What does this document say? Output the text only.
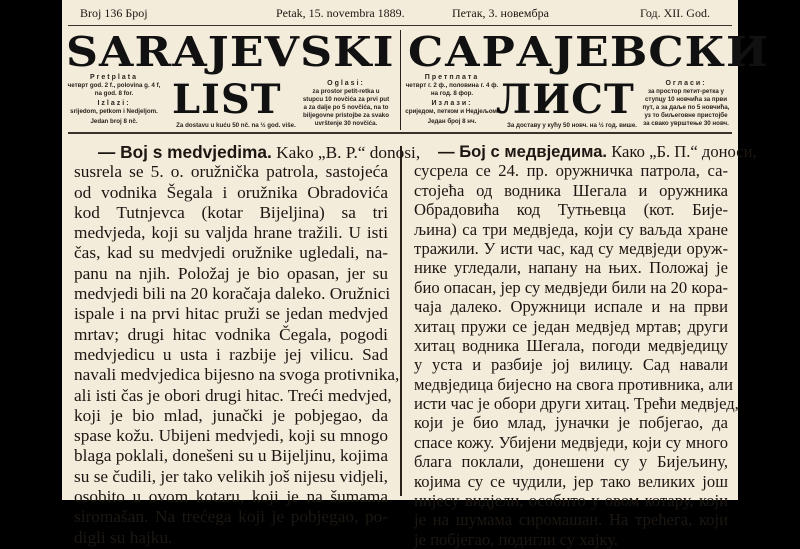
Broj 136 Број	Petak, 15. novembra 1889.	Петак, 3. новембра	Год. XII. God.
SARAJEVSKI САРАЈЕВСКИ
LIST	ЛИСТ
Pretplata
четврт god. 2 f., polovina g. 4 f,
na god. 8 for.
Izlazi:
srijedom, petkom i Nedjeljom.
Jedan broj 8 nč.
Za dostavu u kuću 50 nč. na ½ god. više.
Oglasi:
za prostor petit-retka u
stupcu 10 novčića za prvi put
a za dalje po 5 novčića, na to
biljegovne pristojbe za svako
uvrštenje 30 novčića.
Претплата
четврт г. 2 ф., половина г. 4 ф.
на год. 8 фор.
Излази:
сриједом, петком и Недјељом.
Један број 8 нч.
За доставу у кућу 50 новч. на ½ год. више.
Огласи:
за простор петит-ретка у
ступцу 10 новчића за први
пут, а за даље по 5 новчића,
уз то биљеговне пристојбе
за свако уврштење 30 новч.
— Boj s medvjedima. Kako „B. P.“ donosi,
susrela se 5. o. oružnička patrola, sastojeća
od vodnika Šegala i oružnika Obradovića
kod Tutnjevca (kotar Bijeljina) sa tri
medvjeda, koji su valjda hrane tražili. U isti
čas, kad su medvjedi oružnike ugledali, na-
panu na njih. Položaj je bio opasan, jer su
medvjedi bili na 20 koračaja daleko. Oružnici
ispale i na prvi hitac pruži se jedan medvjed
mrtav; drugi hitac vodnika Čegala, pogodi
medvjedicu u usta i razbije jej vilicu. Sad
navali medvjedica bijesno na svoga protivnika,
ali isti čas je obori drugi hitac. Treći medvjed,
koji je bio mlad, junački je pobjegao, da
spase kožu. Ubijeni medvjedi, koji su mnogo
blaga poklali, donešeni su u Bijeljinu, kojima
su se čudili, jer tako velikih još nijesu vidjeli,
osobito u ovom kotaru, koji je na šumama
siromašan. Na trećega koji je pobjegao, po-
digli su hajku.
— Бој с медвједима. Како „Б. П.“ доноси,
сусрела се 24. пр. оружничка патрола, са-
стојећа од водника Шегала и оружника
Обрадовића код Тутњевца (кот. Бије-
љина) са три медвједа, који су ваљда хране
тражили. У исти час, кад су медвједи оруж-
нике угледали, напану на њих. Положај је
био опасан, јер су медвједи били на 20 кора-
чаја далеко. Оружници испале и на први
хитац пружи се један медвјед мртав; други
хитац водника Шегала, погоди медвједицу
у уста и разбије јој вилицу. Сад навали
медвједица бијесно на свога противника, али
исти час је обори други хитац. Трећи медвјед,
који је био млад, јуначки је побјегао, да
спасе кожу. Убијени медвједи, који су много
блага поклали, донешени су у Бијељину,
којима су се чудили, јер тако великих још
нијесу видјели, особито у овом котару, који
је на шумама сиромашан. На трећега, који
је побјегао, подигли су хајку.
